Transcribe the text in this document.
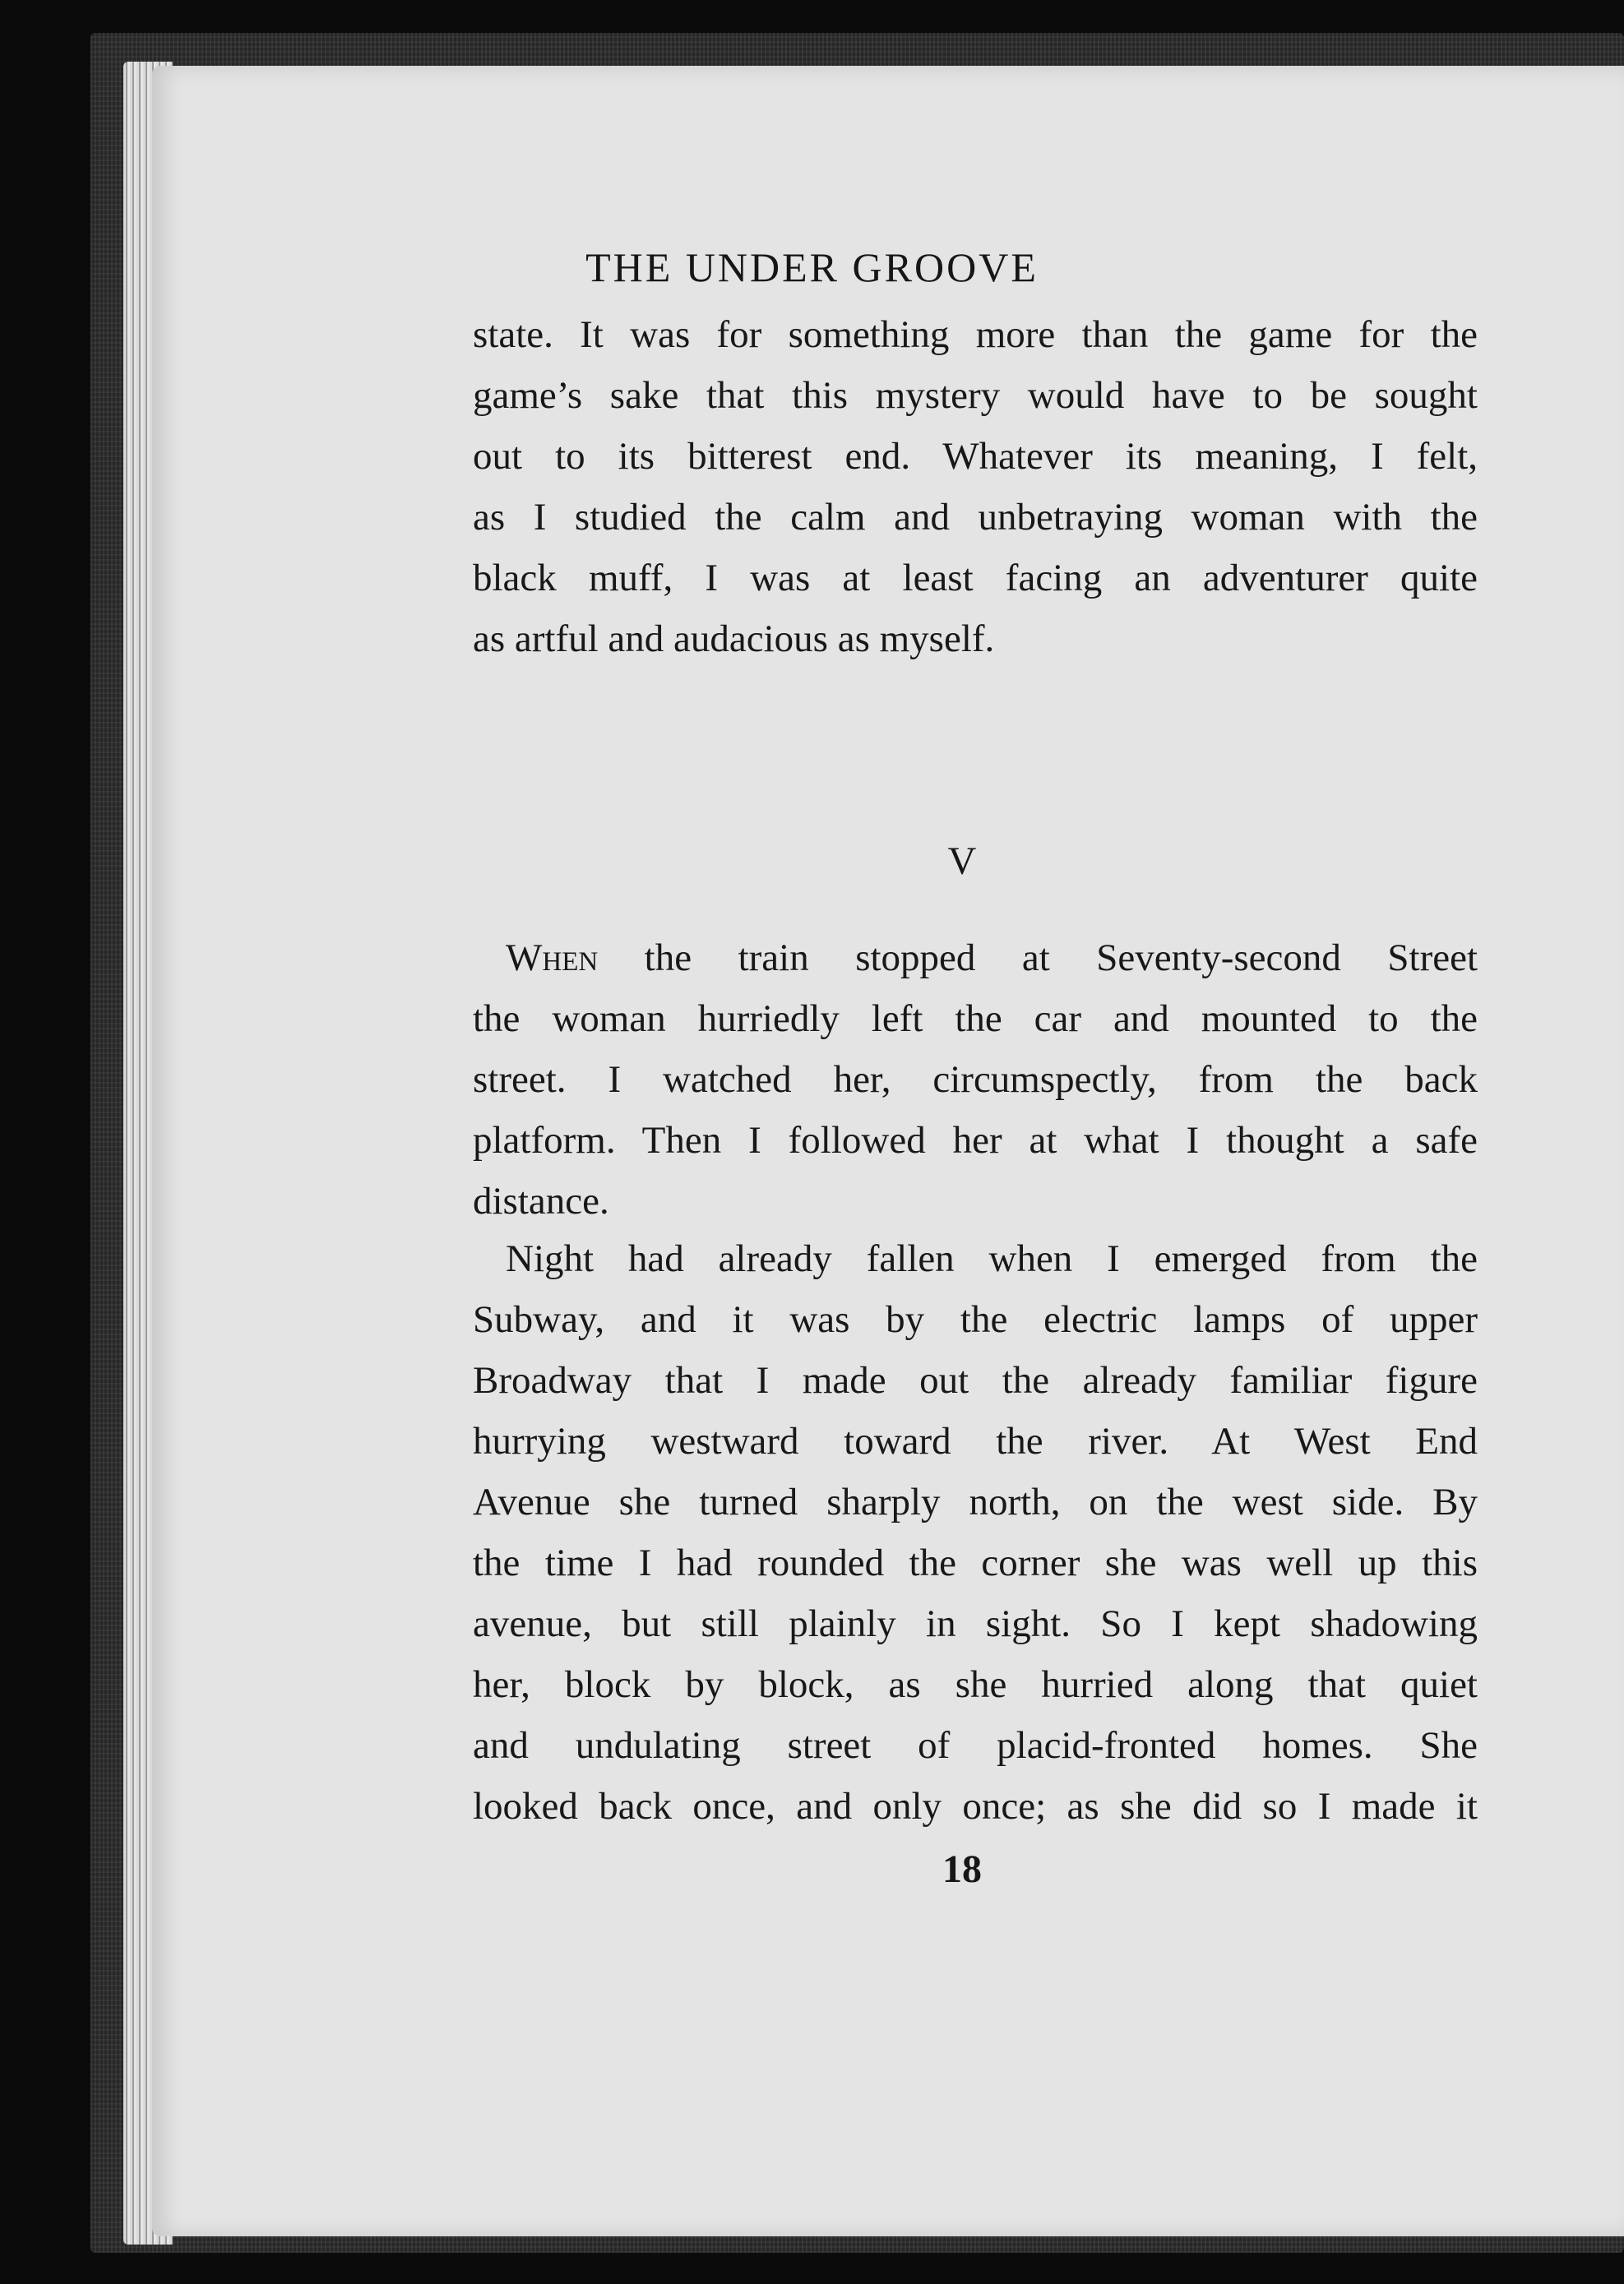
THE UNDER GROOVE
state. It was for something more than the game for the
game’s sake that this mystery would have to be sought
out to its bitterest end. Whatever its meaning, I felt,
as I studied the calm and unbetraying woman with the
black muff, I was at least facing an adventurer quite
as artful and audacious as myself.
V
When the train stopped at Seventy-second Street
the woman hurriedly left the car and mounted to the
street. I watched her, circumspectly, from the back
platform. Then I followed her at what I thought a safe
distance.
Night had already fallen when I emerged from the
Subway, and it was by the electric lamps of upper
Broadway that I made out the already familiar figure
hurrying westward toward the river. At West End
Avenue she turned sharply north, on the west side. By
the time I had rounded the corner she was well up this
avenue, but still plainly in sight. So I kept shadowing
her, block by block, as she hurried along that quiet
and undulating street of placid-fronted homes. She
looked back once, and only once; as she did so I made it
18
